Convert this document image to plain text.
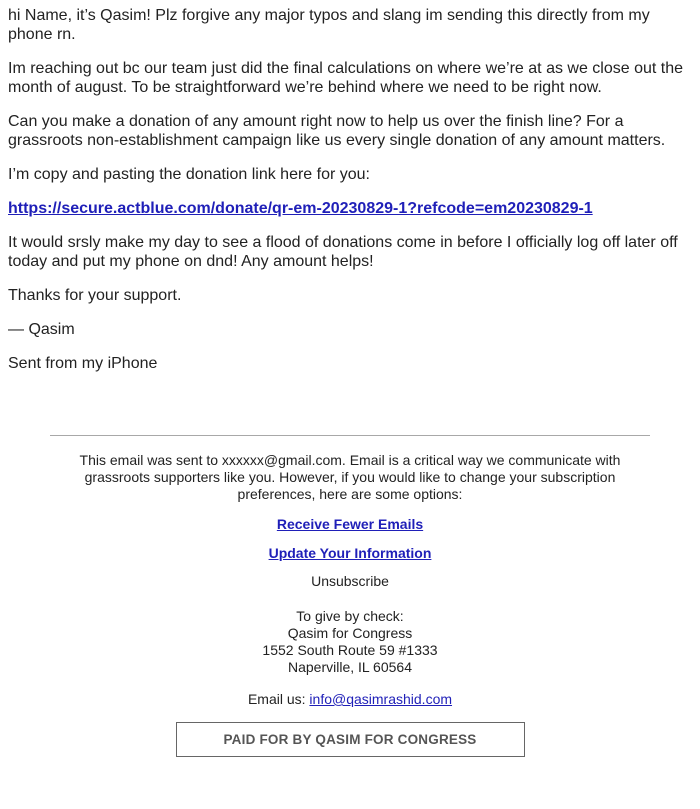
hi Name, it’s Qasim! Plz forgive any major typos and slang im sending this directly from my phone rn.

Im reaching out bc our team just did the final calculations on where we’re at as we close out the month of august. To be straightforward we’re behind where we need to be right now.

Can you make a donation of any amount right now to help us over the finish line? For a grassroots non-establishment campaign like us every single donation of any amount matters.

I’m copy and pasting the donation link here for you:

https://secure.actblue.com/donate/qr-em-20230829-1?refcode=em20230829-1

It would srsly make my day to see a flood of donations come in before I officially log off later off today and put my phone on dnd! Any amount helps!

Thanks for your support.

— Qasim

Sent from my iPhone

This email was sent to xxxxxx@gmail.com. Email is a critical way we communicate with grassroots supporters like you. However, if you would like to change your subscription preferences, here are some options:

Receive Fewer Emails

Update Your Information

Unsubscribe

To give by check:

Qasim for Congress

1552 South Route 59 #1333

Naperville, IL 60564

Email us: info@qasimrashid.com

PAID FOR BY QASIM FOR CONGRESS
